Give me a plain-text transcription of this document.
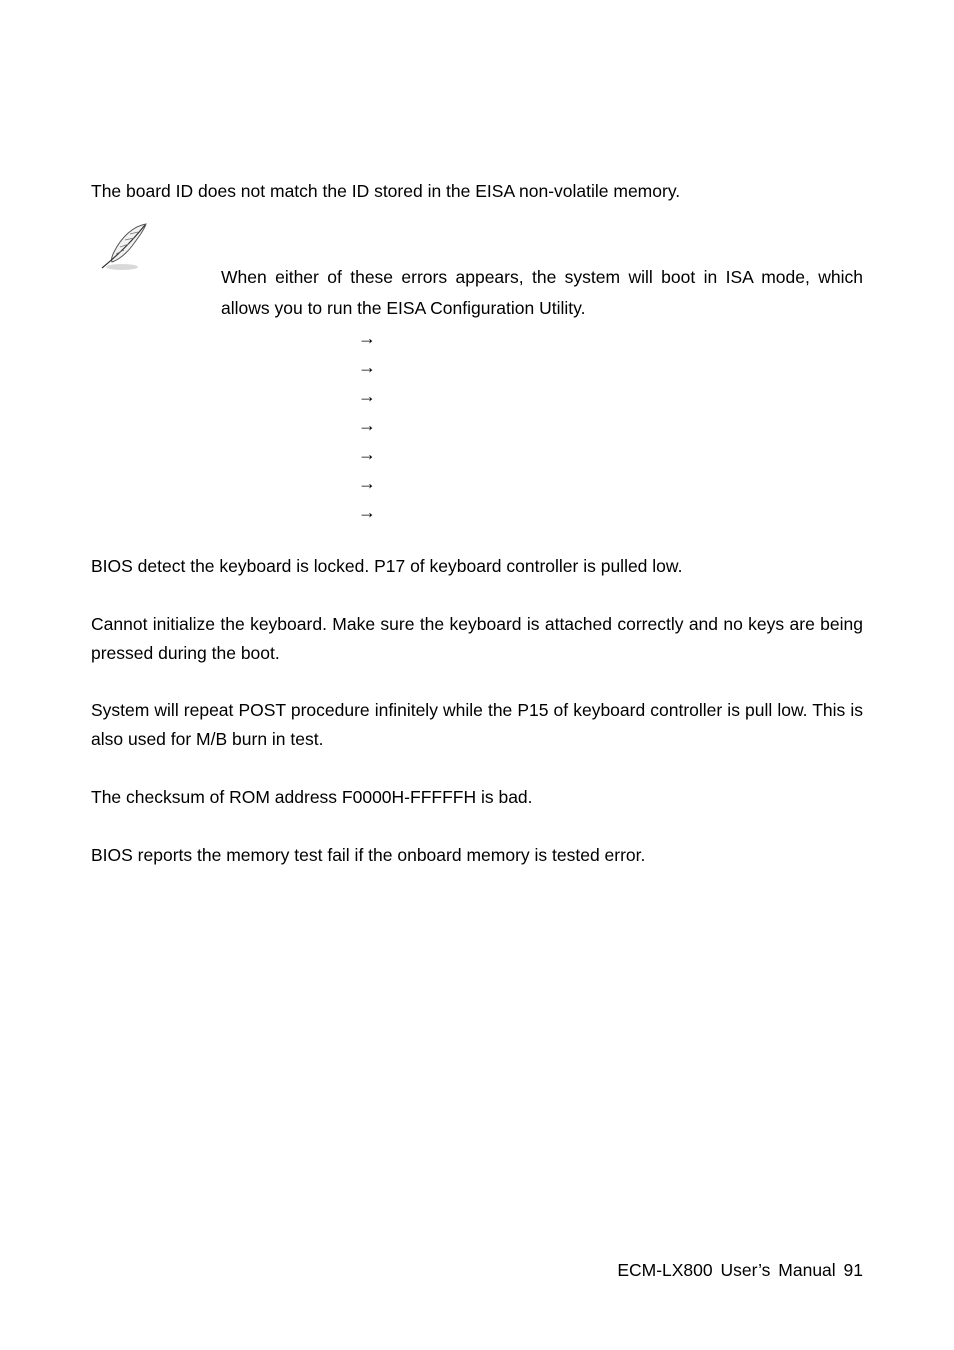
The board ID does not match the ID stored in the EISA non-volatile memory.

When either of these errors appears, the system will boot in ISA mode, which allows you to run the EISA Configuration Utility.

→
→
→
→
→
→
→

BIOS detect the keyboard is locked. P17 of keyboard controller is pulled low.

Cannot initialize the keyboard. Make sure the keyboard is attached correctly and no keys are being pressed during the boot.

System will repeat POST procedure infinitely while the P15 of keyboard controller is pull low. This is also used for M/B burn in test.

The checksum of ROM address F0000H-FFFFFH is bad.

BIOS reports the memory test fail if the onboard memory is tested error.

ECM-LX800 User’s Manual 91
